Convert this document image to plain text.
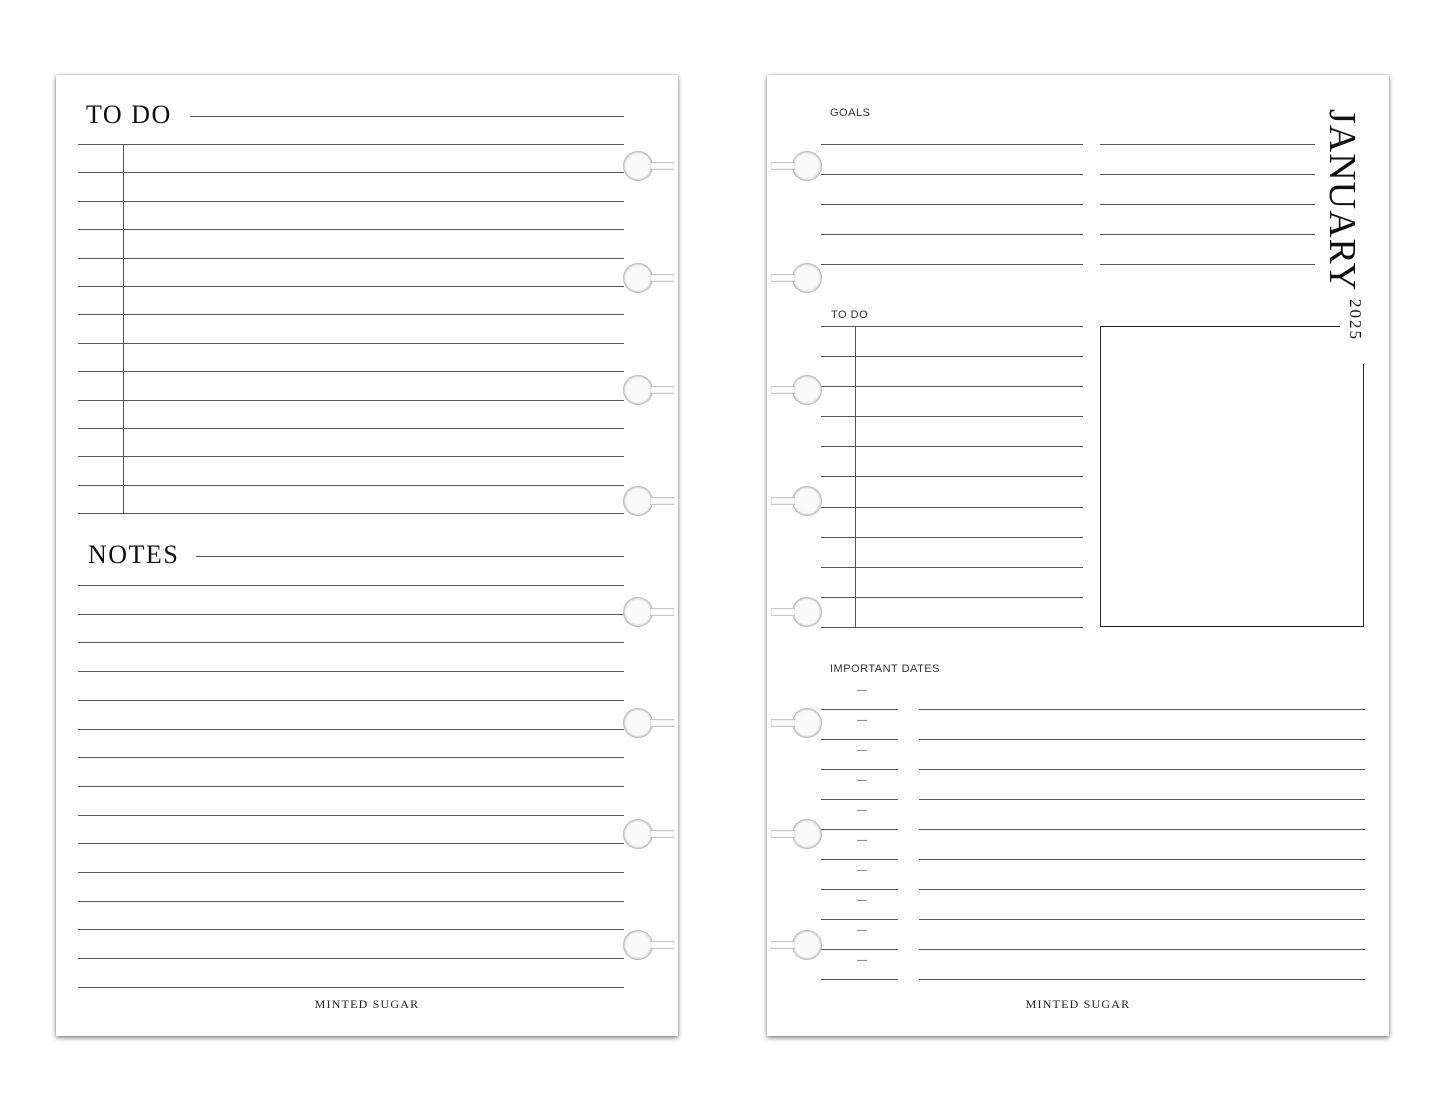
TO DO
NOTES
MINTED SUGAR
GOALS
TO DO
IMPORTANT DATES
JANUARY
2025
—
—
—
—
—
—
—
—
—
—
MINTED SUGAR
